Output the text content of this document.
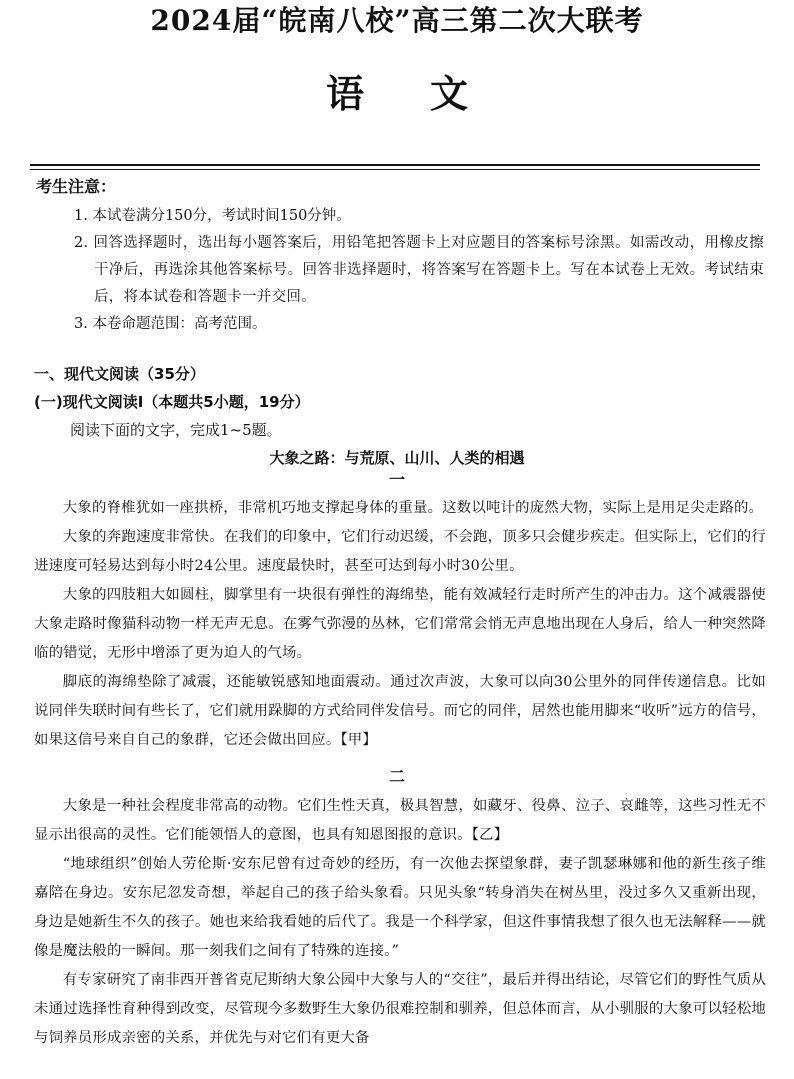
2024届“皖南八校”高三第二次大联考
语文
考生注意：

1. 本试卷满分150分，考试时间150分钟。

2. 回答选择题时，选出每小题答案后，用铅笔把答题卡上对应题目的答案标号涂黑。如需改动，用橡皮擦干净后，再选涂其他答案标号。回答非选择题时，将答案写在答题卡上。写在本试卷上无效。考试结束后，将本试卷和答题卡一并交回。

3. 本卷命题范围：高考范围。

一、现代文阅读（35分）
(一)现代文阅读Ⅰ（本题共5小题，19分）
阅读下面的文字，完成1~5题。
大象之路：与荒原、山川、人类的相遇
一

大象的脊椎犹如一座拱桥，非常机巧地支撑起身体的重量。这数以吨计的庞然大物，实际上是用足尖走路的。

大象的奔跑速度非常快。在我们的印象中，它们行动迟缓，不会跑，顶多只会健步疾走。但实际上，它们的行进速度可轻易达到每小时24公里。速度最快时，甚至可达到每小时30公里。

大象的四肢粗大如圆柱，脚掌里有一块很有弹性的海绵垫，能有效减轻行走时所产生的冲击力。这个减震器使大象走路时像猫科动物一样无声无息。在雾气弥漫的丛林，它们常常会悄无声息地出现在人身后，给人一种突然降临的错觉，无形中增添了更为迫人的气场。

脚底的海绵垫除了减震，还能敏锐感知地面震动。通过次声波，大象可以向30公里外的同伴传递信息。比如说同伴失联时间有些长了，它们就用跺脚的方式给同伴发信号。而它的同伴，居然也能用脚来“收听”远方的信号，如果这信号来自自己的象群，它还会做出回应。【甲】

二

大象是一种社会程度非常高的动物。它们生性天真，极具智慧，如藏牙、役鼻、泣子、哀雌等，这些习性无不显示出很高的灵性。它们能领悟人的意图，也具有知恩图报的意识。【乙】

“地球组织”创始人劳伦斯·安东尼曾有过奇妙的经历，有一次他去探望象群，妻子凯瑟琳娜和他的新生孩子维嘉陪在身边。安东尼忽发奇想，举起自己的孩子给头象看。只见头象“转身消失在树丛里，没过多久又重新出现，身边是她新生不久的孩子。她也来给我看她的后代了。我是一个科学家，但这件事情我想了很久也无法解释——就像是魔法般的一瞬间。那一刻我们之间有了特殊的连接。”

有专家研究了南非西开普省克尼斯纳大象公园中大象与人的“交往”，最后并得出结论，尽管它们的野性气质从未通过选择性育种得到改变，尽管现今多数野生大象仍很难控制和驯养，但总体而言，从小驯服的大象可以轻松地与饲养员形成亲密的关系，并优先与对它们有更大备
